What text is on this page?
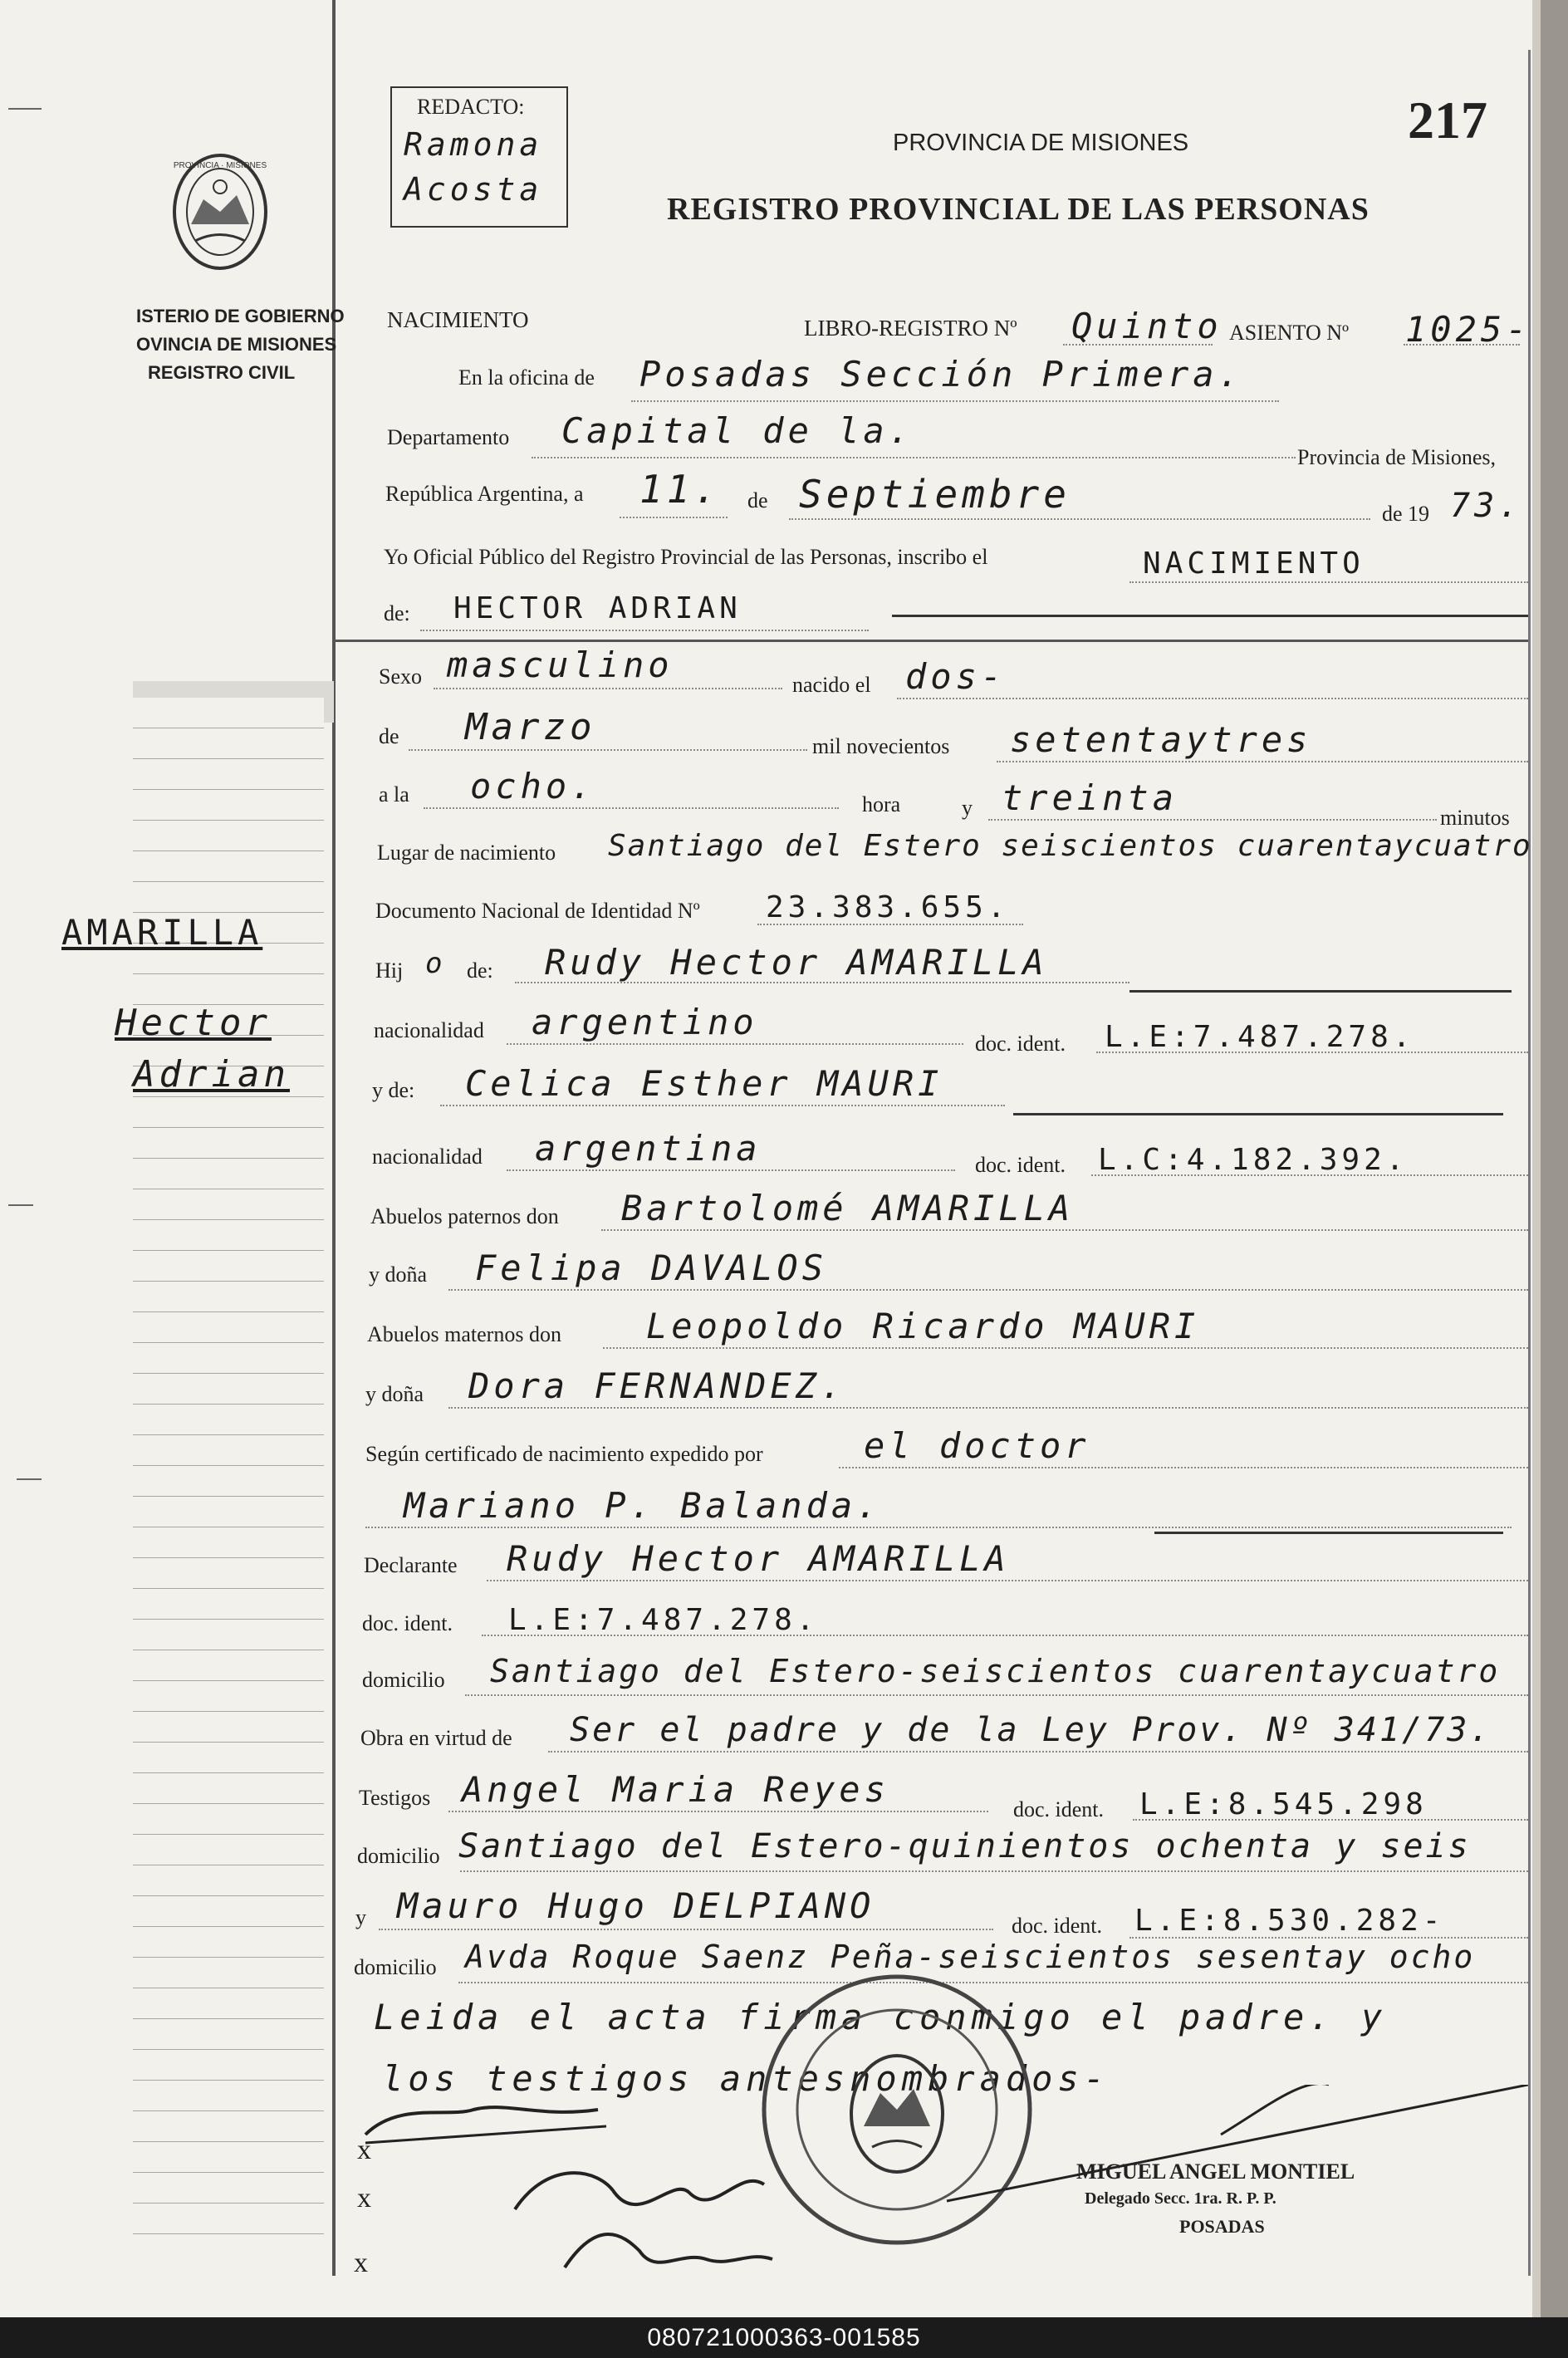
PROVINCIA · MISIONES
ISTERIO DE GOBIERNO
OVINCIA DE MISIONES
REGISTRO CIVIL
REDACTO:
Ramona
Acosta
PROVINCIA DE MISIONES
REGISTRO PROVINCIAL DE LAS PERSONAS
217
NACIMIENTO	LIBRO-REGISTRO Nº Quinto ASIENTO Nº 1025-
En la oficina de Posadas Sección Primera.
Departamento Capital de la.
Provincia de Misiones,
República Argentina, a 11. de Septiembre	de 19 73.
Yo Oficial Público del Registro Provincial de las Personas, inscribo el	NACIMIENTO
de: HECTOR ADRIAN
Sexo masculino	nacido el dos-
de Marzo	mil novecientos setentaytres
a la ocho.	hora	y treinta	minutos
Lugar de nacimiento Santiago del Estero seiscientos cuarentaycuatro
Documento Nacional de Identidad Nº 23.383.655.
Hij o de: Rudy Hector AMARILLA
nacionalidad argentino
doc. ident. L.E:7.487.278.
y de: Celica Esther MAURI
nacionalidad argentina	doc. ident. L.C:4.182.392.
Abuelos paternos don Bartolomé AMARILLA
y doña Felipa DAVALOS
Abuelos maternos don Leopoldo Ricardo MAURI
y doña Dora FERNANDEZ.
Según certificado de nacimiento expedido por	el doctor
Mariano P. Balanda.
Declarante Rudy Hector AMARILLA
doc. ident. L.E:7.487.278.
domicilio Santiago del Estero-seiscientos cuarentaycuatro
Obra en virtud de Ser el padre y de la Ley Prov. Nº 341/73.
Testigos Angel Maria Reyes	doc. ident. L.E:8.545.298
domicilio Santiago del Estero-quinientos ochenta y seis
y Mauro Hugo DELPIANO	doc. ident. L.E:8.530.282-
domicilio Avda Roque Saenz Peña-seiscientos sesentay ocho
Leida el acta firma conmigo el padre. y
los testigos antesnombrados-
AMARILLA
Hector
Adrian
x
x
x
MIGUEL ANGEL MONTIEL
Delegado Secc. 1ra. R. P. P.
POSADAS
080721000363-001585
